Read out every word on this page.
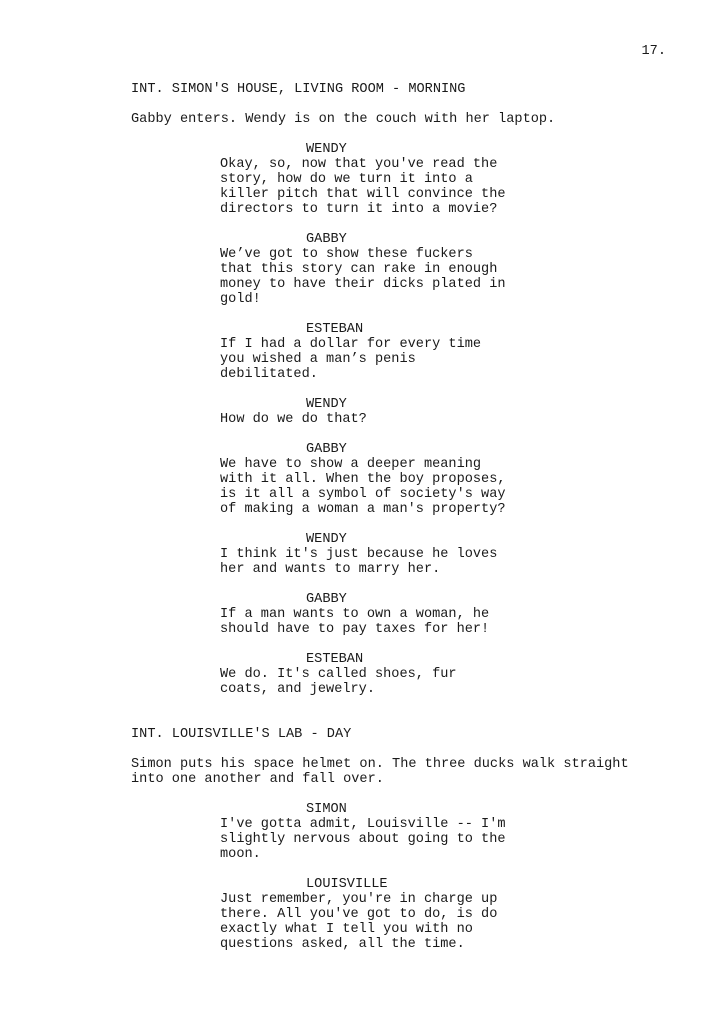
17.

INT. SIMON'S HOUSE, LIVING ROOM - MORNING

Gabby enters. Wendy is on the couch with her laptop.

WENDY

Okay, so, now that you've read the
story, how do we turn it into a
killer pitch that will convince the
directors to turn it into a movie?

GABBY

We’ve got to show these fuckers
that this story can rake in enough
money to have their dicks plated in
gold!

ESTEBAN

If I had a dollar for every time
you wished a man’s penis
debilitated.

WENDY

How do we do that?

GABBY

We have to show a deeper meaning
with it all. When the boy proposes,
is it all a symbol of society's way
of making a woman a man's property?

WENDY

I think it's just because he loves
her and wants to marry her.

GABBY

If a man wants to own a woman, he
should have to pay taxes for her!

ESTEBAN

We do. It's called shoes, fur
coats, and jewelry.

INT. LOUISVILLE'S LAB - DAY

Simon puts his space helmet on. The three ducks walk straight
into one another and fall over.

SIMON

I've gotta admit, Louisville -- I'm
slightly nervous about going to the
moon.

LOUISVILLE

Just remember, you're in charge up
there. All you've got to do, is do
exactly what I tell you with no
questions asked, all the time.
